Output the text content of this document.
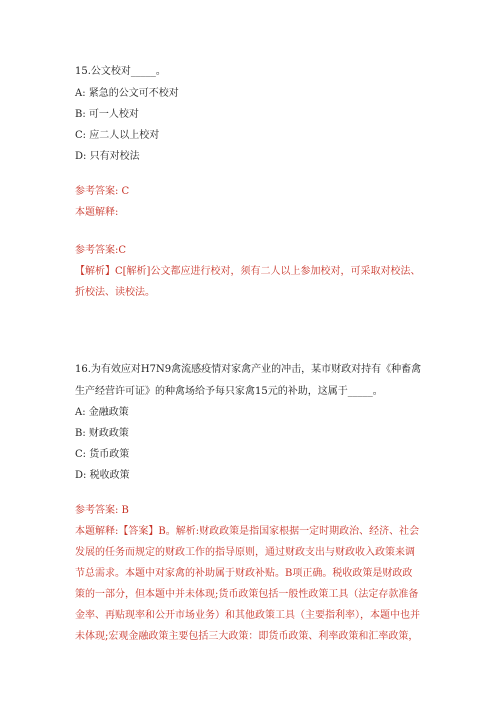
15.公文校对_____。
A: 紧急的公文可不校对
B: 可一人校对
C: 应二人以上校对
D: 只有对校法
参考答案: C
本题解释:
参考答案:C
【解析】C[解析]公文都应进行校对，须有二人以上参加校对，可采取对校法、
折校法、读校法。
16.为有效应对H7N9禽流感疫情对家禽产业的冲击，某市财政对持有《种畜禽
生产经营许可证》的种禽场给予每只家禽15元的补助，这属于_____。
A: 金融政策
B: 财政政策
C: 货币政策
D: 税收政策
参考答案: B
本题解释:【答案】B。解析:财政政策是指国家根据一定时期政治、经济、社会
发展的任务而规定的财政工作的指导原则，通过财政支出与财政收入政策来调
节总需求。本题中对家禽的补助属于财政补贴。B项正确。税收政策是财政政
策的一部分，但本题中并未体现;货币政策包括一般性政策工具（法定存款准备
金率、再贴现率和公开市场业务）和其他政策工具（主要指利率），本题中也并
未体现;宏观金融政策主要包括三大政策：即货币政策、利率政策和汇率政策，
